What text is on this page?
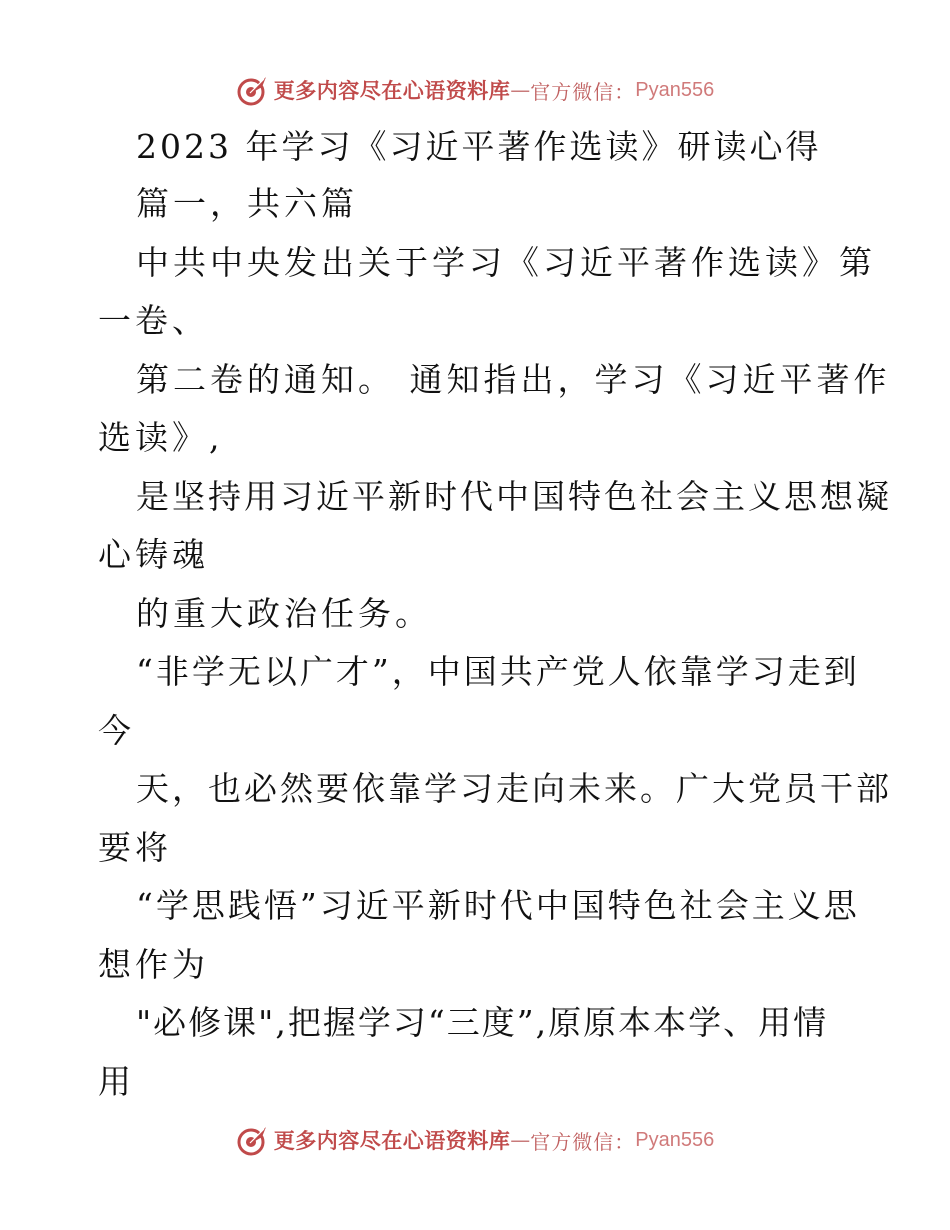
更多内容尽在心语资料库 — 官方微信： Pyan556
2023 年学习《习近平著作选读》研读心得
篇一，共六篇
中共中央发出关于学习《习近平著作选读》第
一卷、
第二卷的通知。 通知指出，学习《习近平著作
选读》,
是坚持用习近平新时代中国特色社会主义思想凝
心铸魂
的重大政治任务。
“非学无以广才”，中国共产党人依靠学习走到
今
天，也必然要依靠学习走向未来。广大党员干部
要将
“学思践悟”习近平新时代中国特色社会主义思
想作为
"必修课",把握学习“三度”,原原本本学、用情
用
更多内容尽在心语资料库 — 官方微信： Pyan556
